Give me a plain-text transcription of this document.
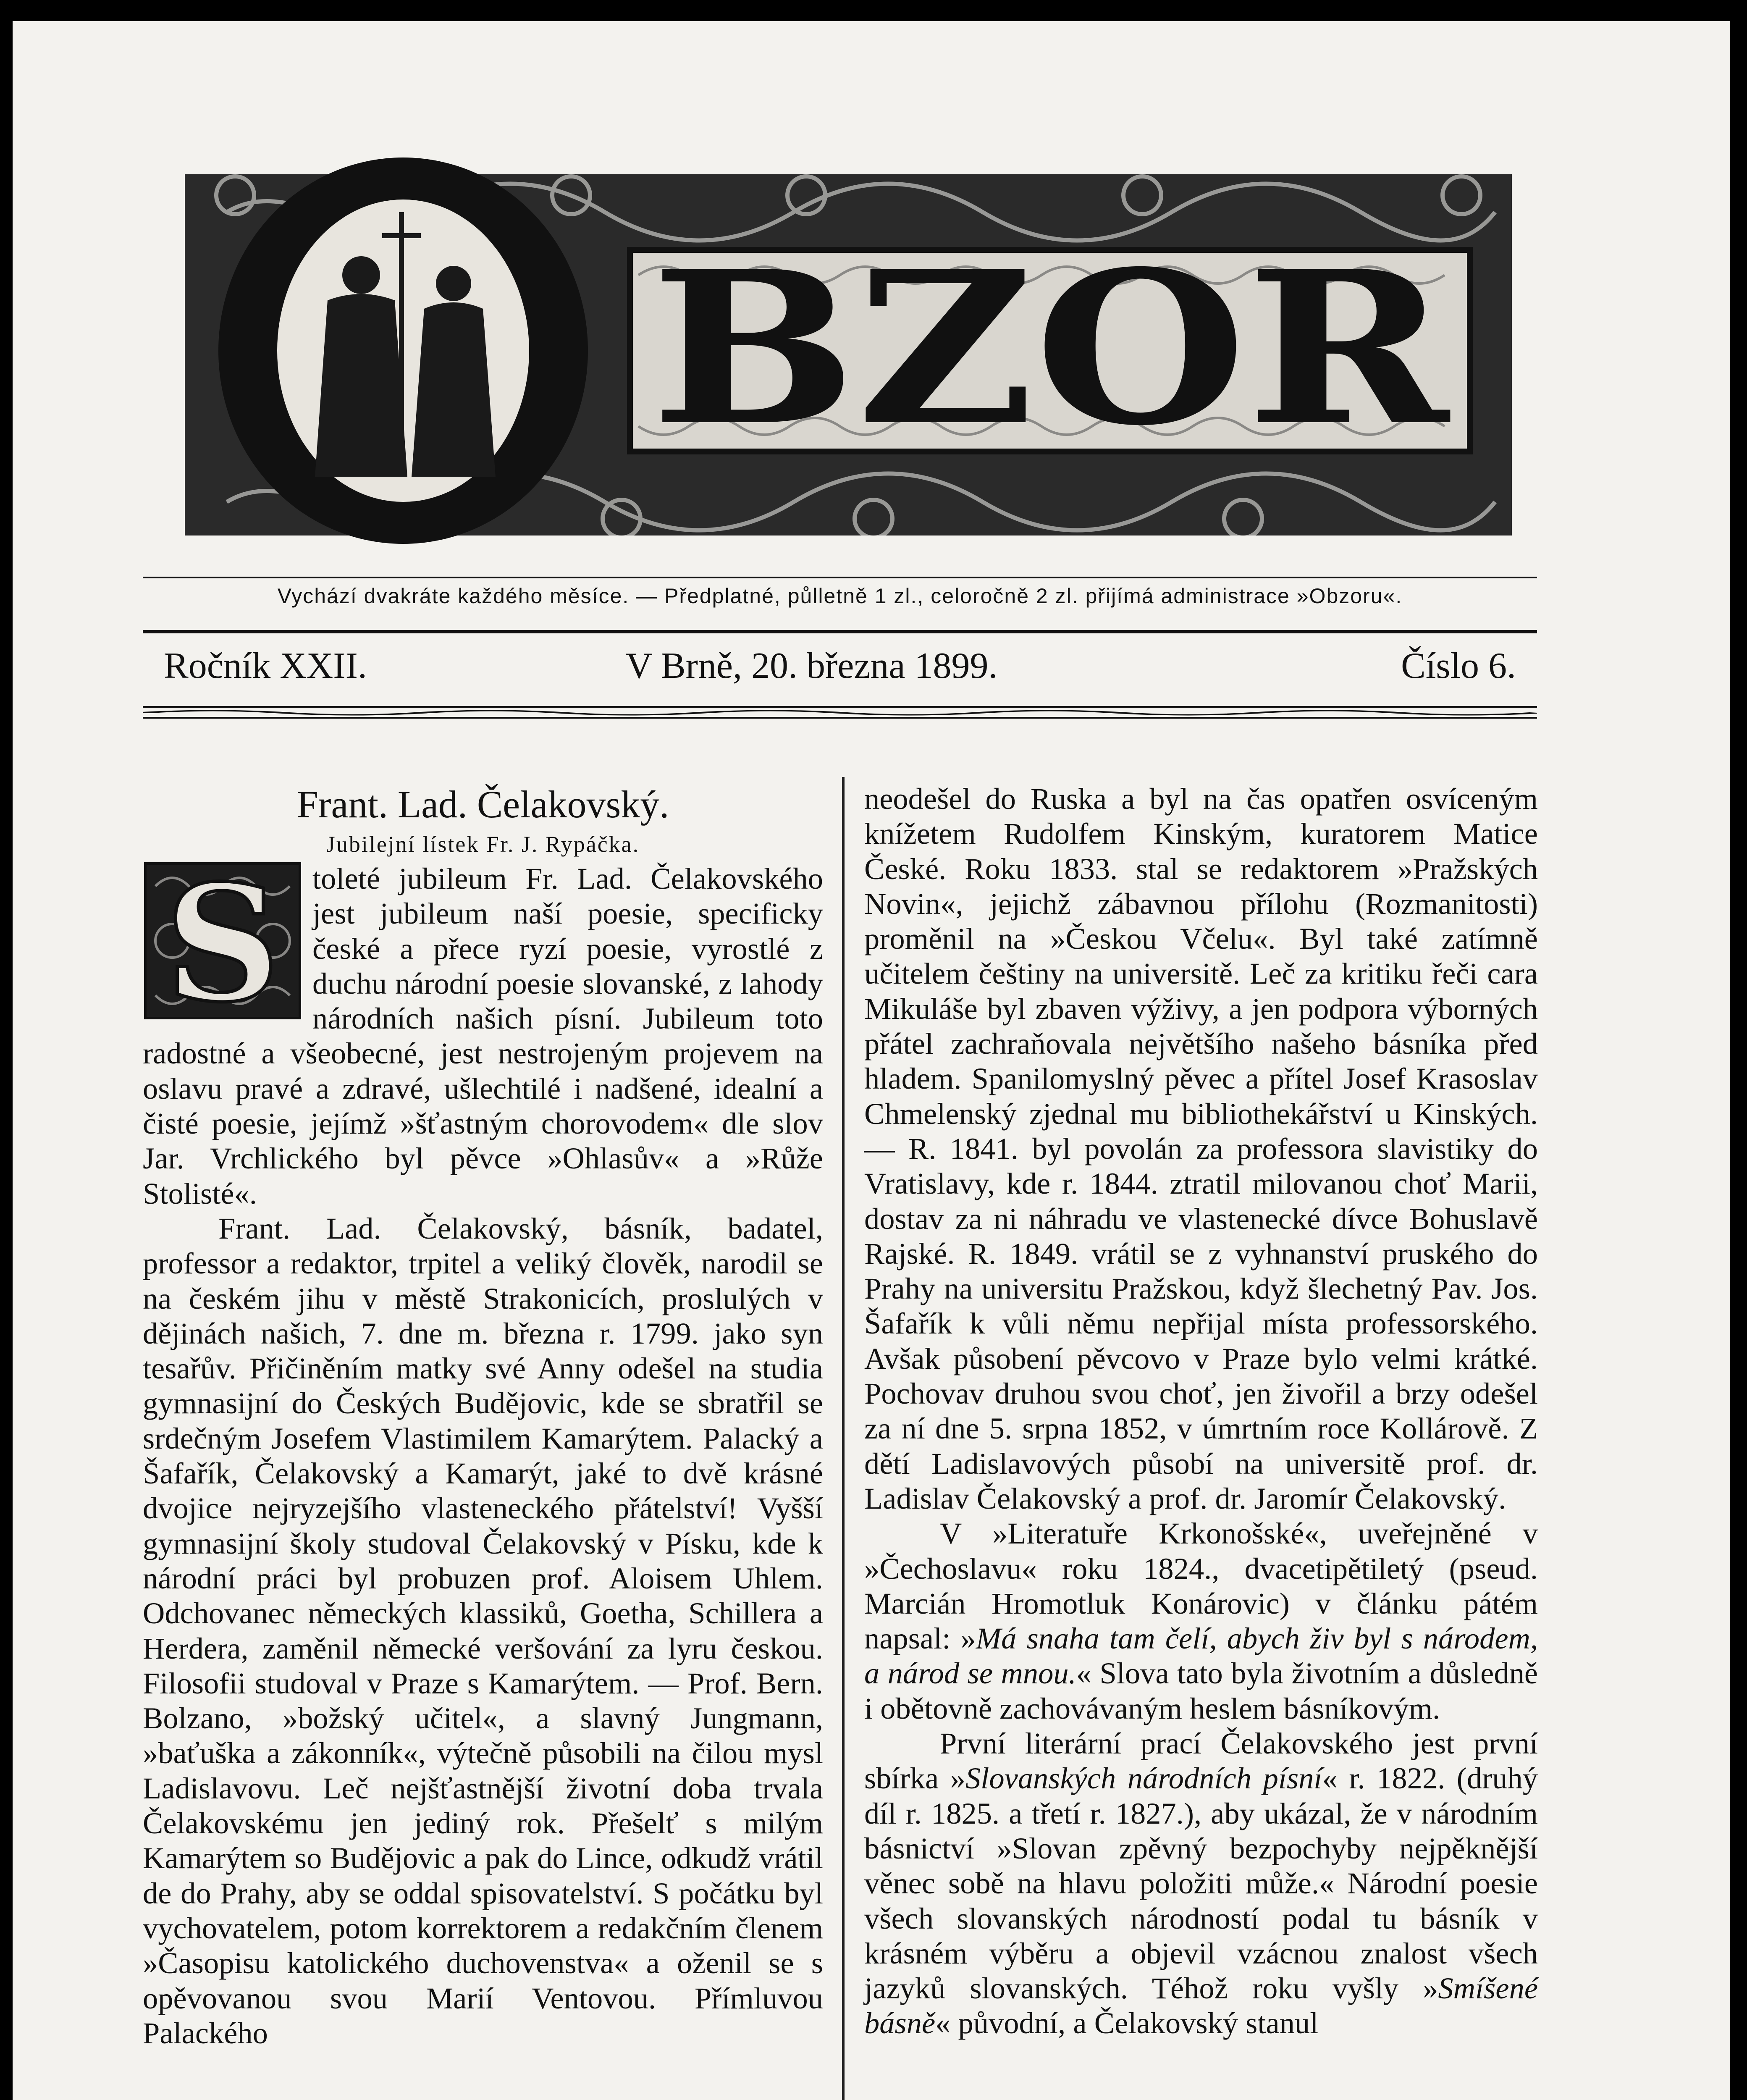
BZOR
Vychází dvakráte každého měsíce. — Předplatné, půlletně 1 zl., celoročně 2 zl. přijímá administrace »Obzoru«.
Ročník XXII.	V Brně, 20. března 1899.	Číslo 6.

Frant. Lad. Čelakovský.

Jubilejní lístek Fr. J. Rypáčka.

S toleté jubileum Fr. Lad. Čelakovského jest jubileum naší poesie, specificky české a přece ryzí poesie, vyrostlé z duchu národní poesie slovanské, z lahody národních našich písní. Jubileum toto radostné a všeobecné, jest nestrojeným projevem na oslavu pravé a zdravé, ušlechtilé i nadšené, idealní a čisté poesie, jejímž »šťastným chorovodem« dle slov Jar. Vrchlického byl pěvce »Ohlasův« a »Růže Stolisté«.

Frant. Lad. Čelakovský, básník, badatel, professor a redaktor, trpitel a veliký člověk, narodil se na českém jihu v městě Strakonicích, proslulých v dějinách našich, 7. dne m. března r. 1799. jako syn tesařův. Přičiněním matky své Anny odešel na studia gymnasijní do Českých Budějovic, kde se sbratřil se srdečným Josefem Vlastimilem Kamarýtem. Palacký a Šafařík, Čelakovský a Kamarýt, jaké to dvě krásné dvojice nejryzejšího vlasteneckého přátelství! Vyšší gymnasijní školy studoval Čelakovský v Písku, kde k národní práci byl probuzen prof. Aloisem Uhlem. Odchovanec německých klassiků, Goetha, Schillera a Herdera, zaměnil německé veršování za lyru českou. Filosofii studoval v Praze s Kamarýtem. — Prof. Bern. Bolzano, »božský učitel«, a slavný Jungmann, »baťuška a zákonník«, výtečně působili na čilou mysl Ladislavovu. Leč nejšťastnější životní doba trvala Čelakovskému jen jediný rok. Přešelť s milým Kamarýtem so Budějovic a pak do Lince, odkudž vrátil de do Prahy, aby se oddal spisovatelství. S počátku byl vychovatelem, potom korrektorem a redakčním členem »Časopisu katolického duchovenstva« a oženil se s opěvovanou svou Marií Ventovou. Přímluvou Palackého

neodešel do Ruska a byl na čas opatřen osvíceným knížetem Rudolfem Kinským, kuratorem Matice České. Roku 1833. stal se redaktorem »Pražských Novin«, jejichž zábavnou přílohu (Rozmanitosti) proměnil na »Českou Včelu«. Byl také zatímně učitelem češtiny na universitě. Leč za kritiku řeči cara Mikuláše byl zbaven výživy, a jen podpora výborných přátel zachraňovala největšího našeho básníka před hladem. Spanilomyslný pěvec a přítel Josef Krasoslav Chmelenský zjednal mu bibliothekářství u Kinských. — R. 1841. byl povolán za professora slavistiky do Vratislavy, kde r. 1844. ztratil milovanou choť Marii, dostav za ni náhradu ve vlastenecké dívce Bohuslavě Rajské. R. 1849. vrátil se z vyhnanství pruského do Prahy na universitu Pražskou, když šlechetný Pav. Jos. Šafařík k vůli němu nepřijal místa professorského. Avšak působení pěvcovo v Praze bylo velmi krátké. Pochovav druhou svou choť, jen živořil a brzy odešel za ní dne 5. srpna 1852, v úmrtním roce Kollárově. Z dětí Ladislavových působí na universitě prof. dr. Ladislav Čelakovský a prof. dr. Jaromír Čelakovský.

V »Literatuře Krkonošské«, uveřejněné v »Čechoslavu« roku 1824., dvacetipětiletý (pseud. Marcián Hromotluk Konárovic) v článku pátém napsal: »Má snaha tam čelí, abych živ byl s národem, a národ se mnou.« Slova tato byla životním a důsledně i obětovně zachovávaným heslem básníkovým.

První literární prací Čelakovského jest první sbírka »Slovanských národních písní« r. 1822. (druhý díl r. 1825. a třetí r. 1827.), aby ukázal, že v národním básnictví »Slovan zpěvný bezpochyby nejpěknější věnec sobě na hlavu položiti může.« Národní poesie všech slovanských národností podal tu básník v krásném výběru a objevil vzácnou znalost všech jazyků slovanských. Téhož roku vyšly »Smíšené básně« původní, a Čelakovský stanul
